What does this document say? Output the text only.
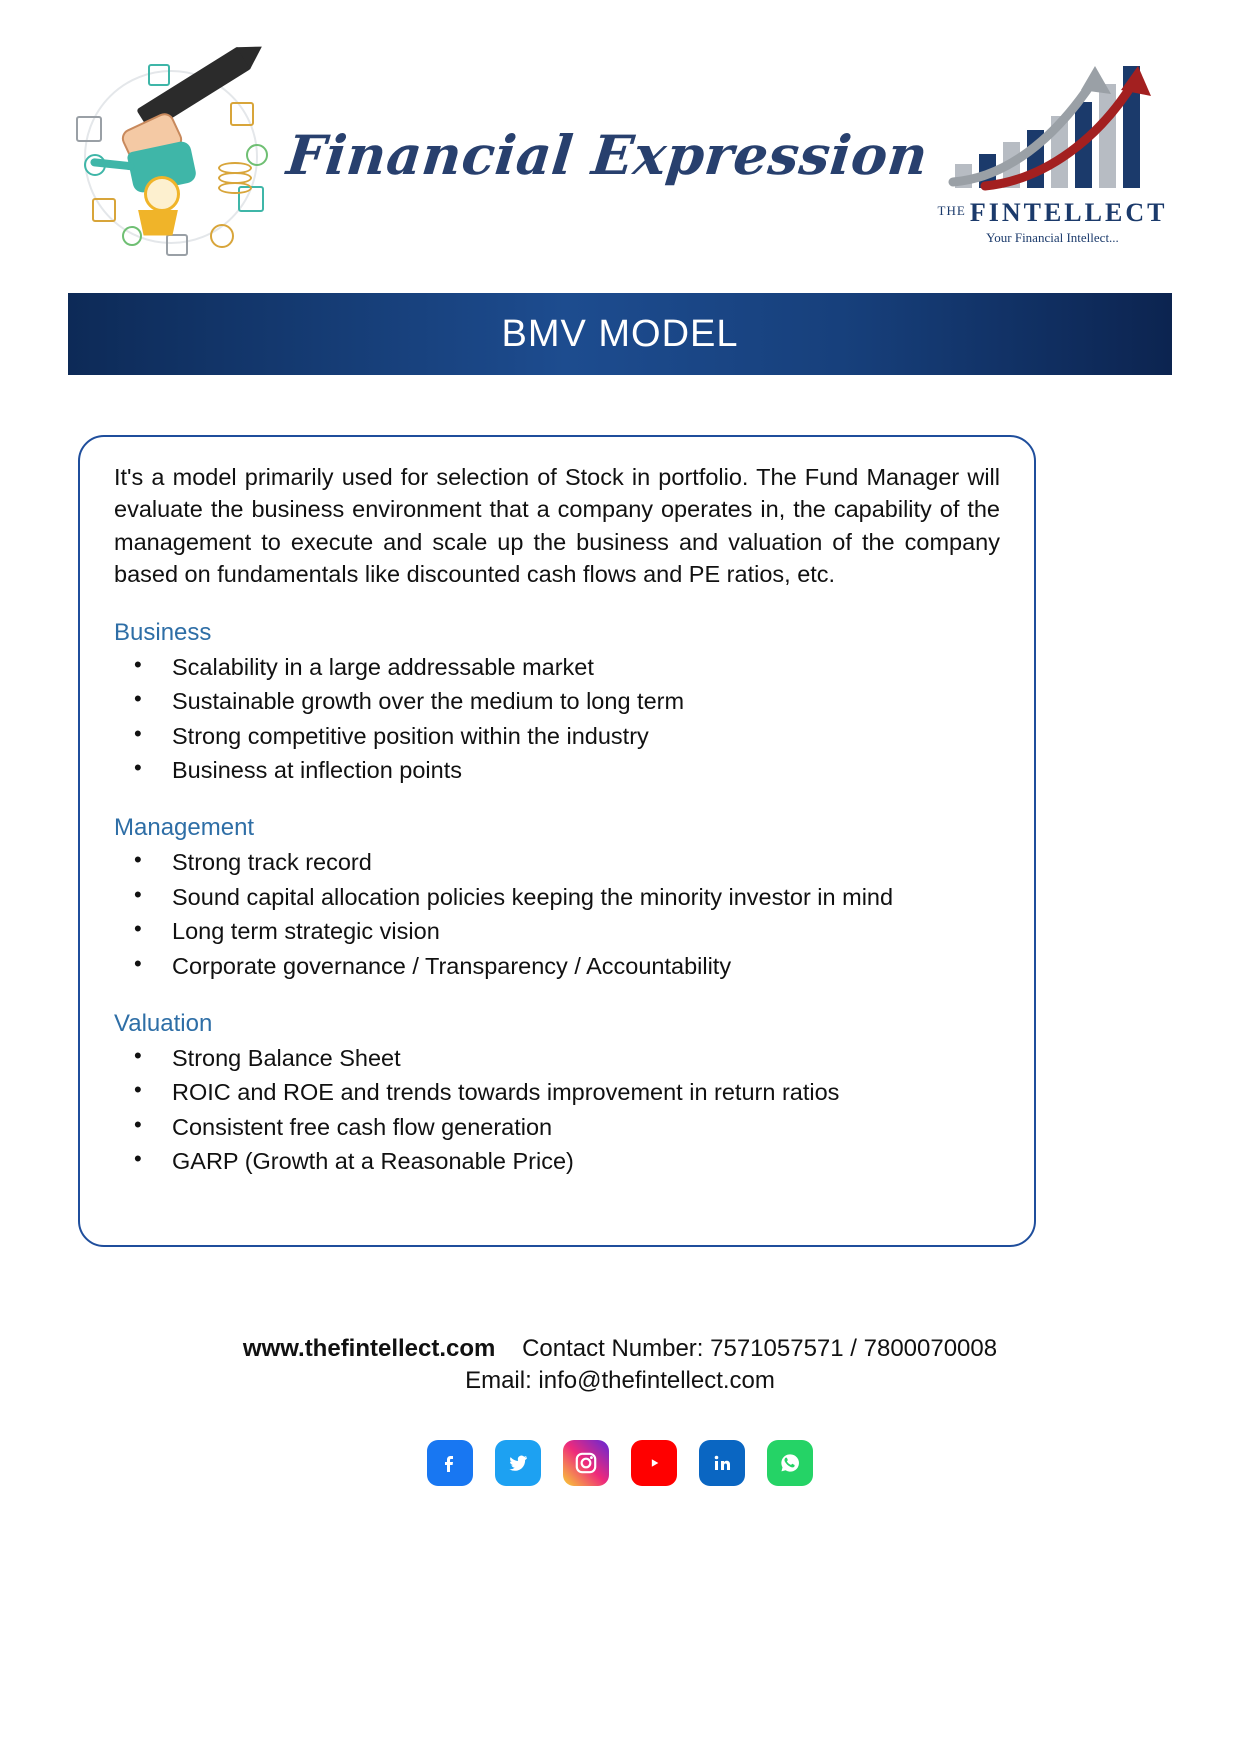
Financial Expression
$^{THE}$ FINTELLECT
Your Financial Intellect...
BMV MODEL

It's a model primarily used for selection of Stock in portfolio. The Fund Manager will evaluate the business environment that a company operates in, the capability of the management to execute and scale up the business and valuation of the company based on fundamentals like discounted cash flows and PE ratios, etc.

Business
• Scalability in a large addressable market
• Sustainable growth over the medium to long term
• Strong competitive position within the industry
• Business at inflection points
Management
• Strong track record
• Sound capital allocation policies keeping the minority investor in mind
• Long term strategic vision
• Corporate governance / Transparency / Accountability
Valuation
• Strong Balance Sheet
• ROIC and ROE and trends towards improvement in return ratios
• Consistent free cash flow generation
• GARP (Growth at a Reasonable Price)
www.thefintellect.com Contact Number: 7571057571 / 7800070008
Email: info@thefintellect.com
